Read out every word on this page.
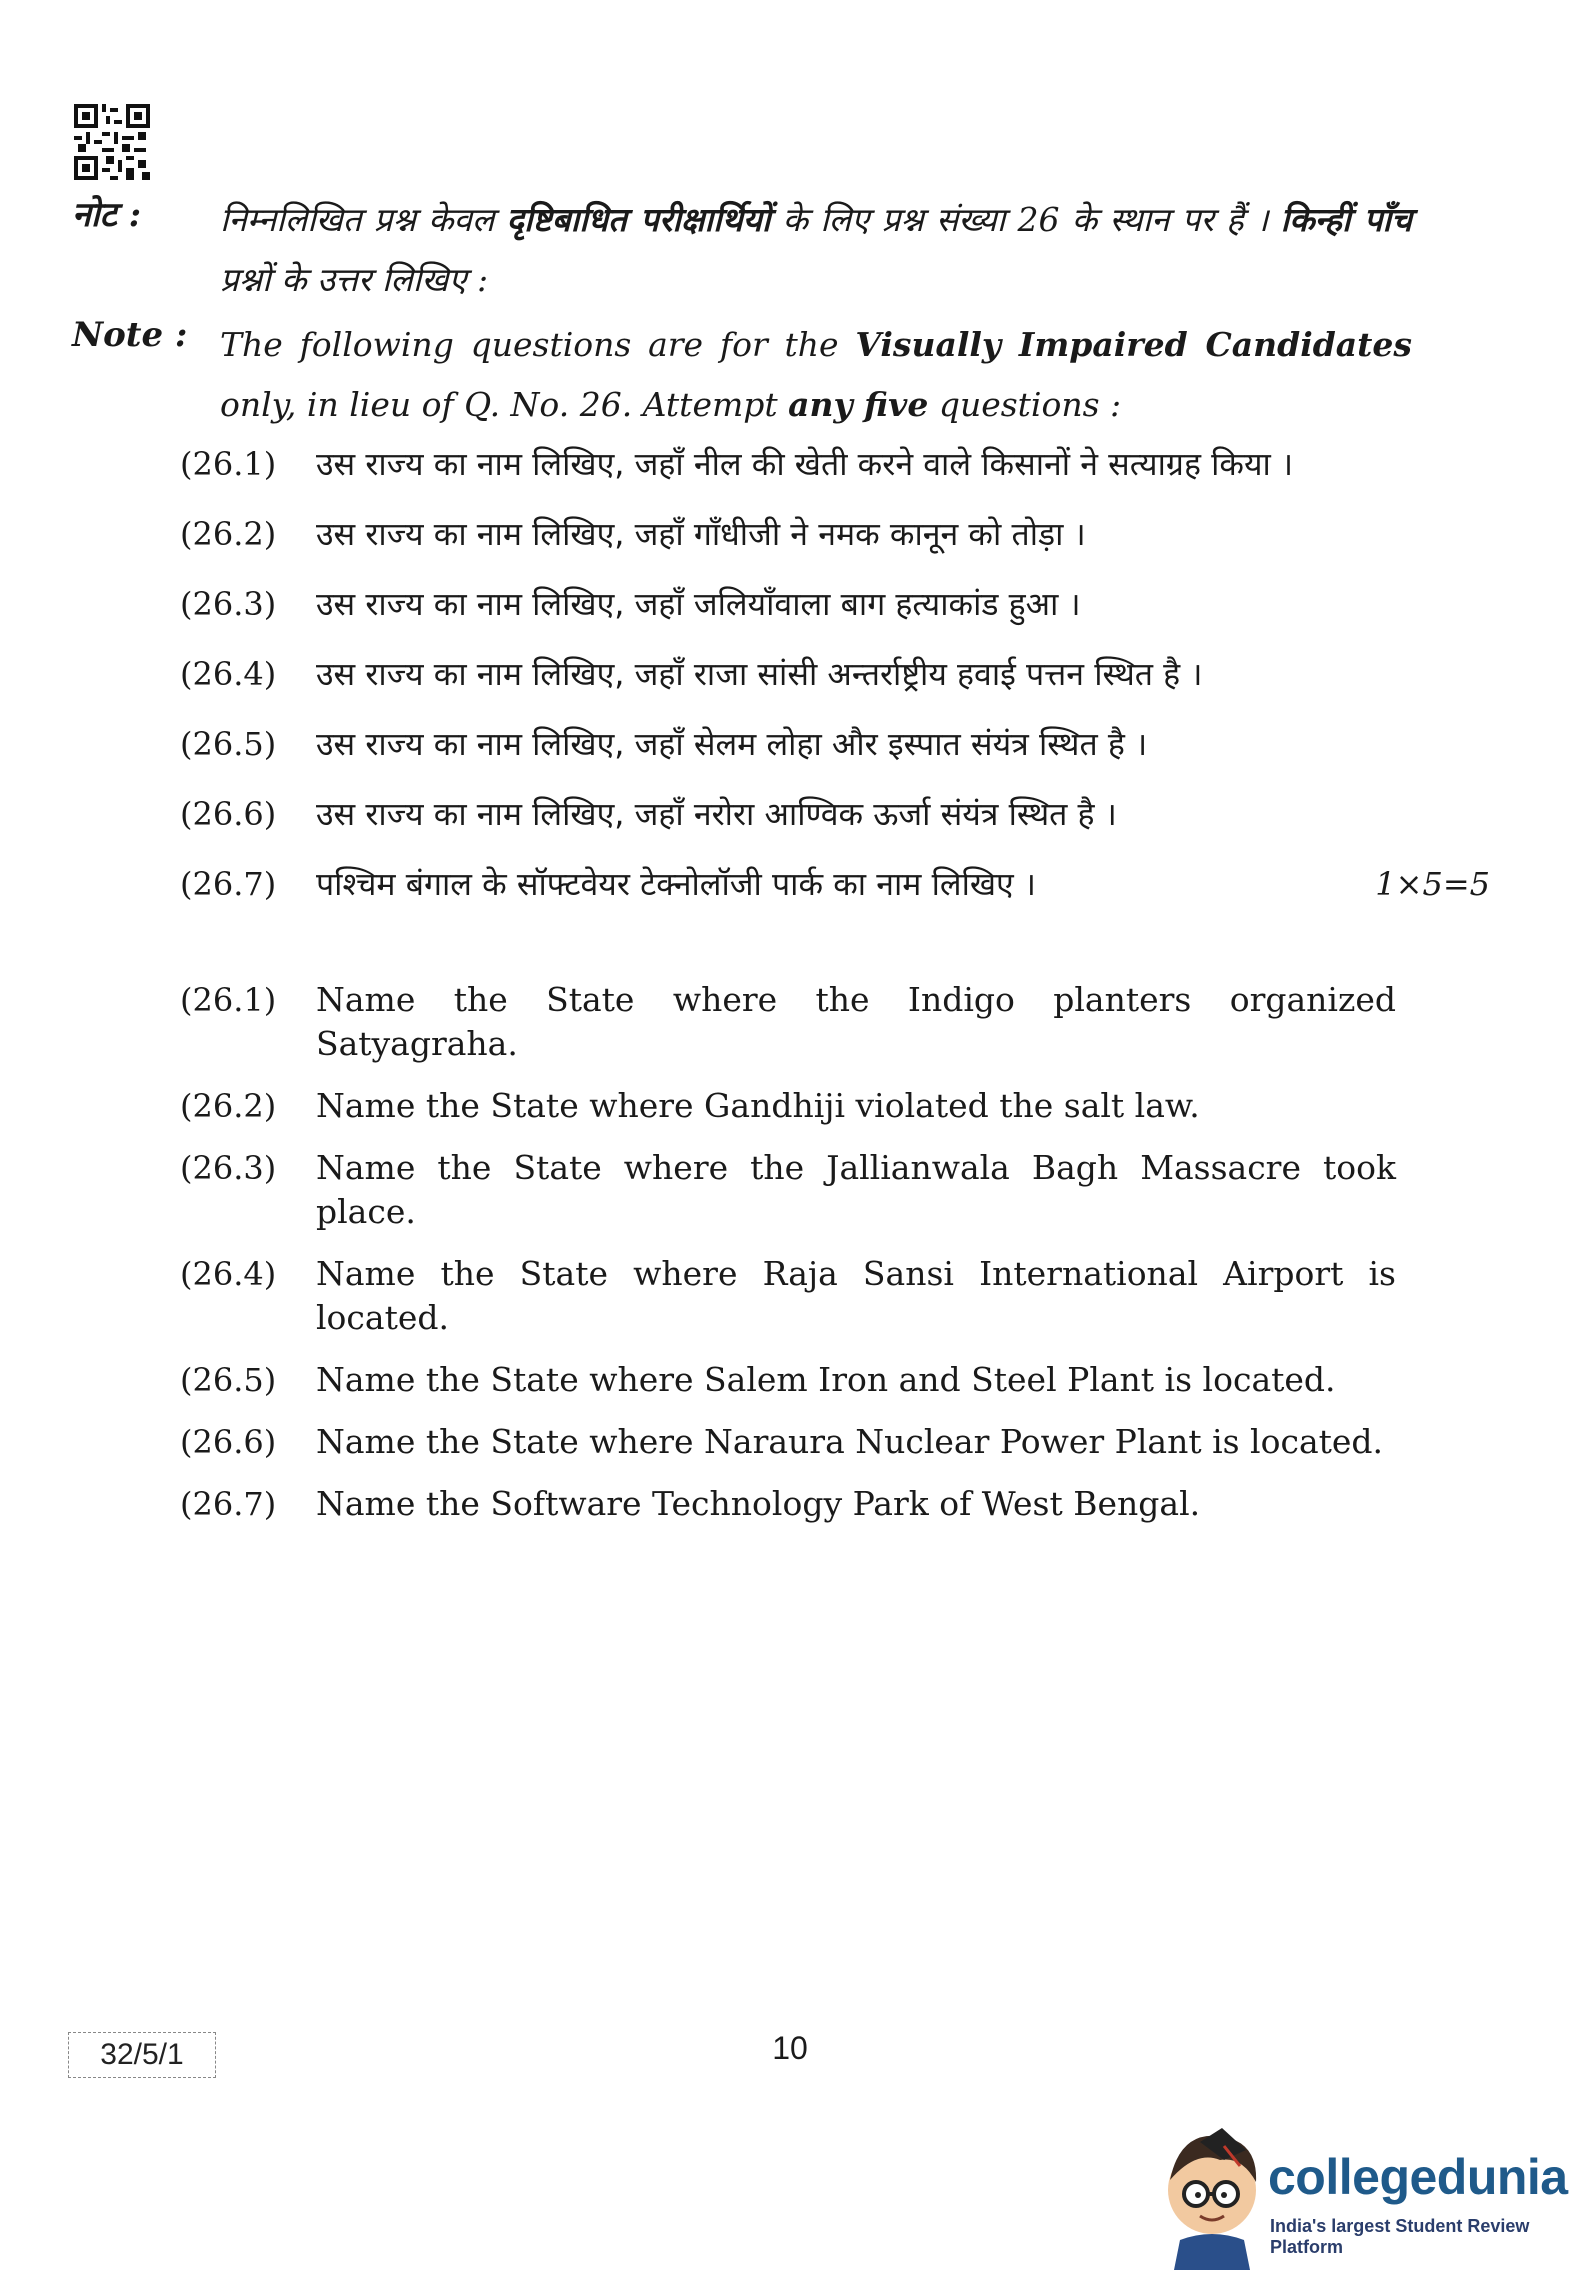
नोट : निम्नलिखित प्रश्न केवल दृष्टिबाधित परीक्षार्थियों के लिए प्रश्न संख्या 26 के स्थान पर हैं । किन्हीं पाँच प्रश्नों के उत्तर लिखिए :
Note : The following questions are for the Visually Impaired Candidates only, in lieu of Q. No. 26. Attempt any five questions :
(26.1)	उस राज्य का नाम लिखिए, जहाँ नील की खेती करने वाले किसानों ने सत्याग्रह किया ।
(26.2)	उस राज्य का नाम लिखिए, जहाँ गाँधीजी ने नमक कानून को तोड़ा ।
(26.3)	उस राज्य का नाम लिखिए, जहाँ जलियाँवाला बाग हत्याकांड हुआ ।
(26.4)	उस राज्य का नाम लिखिए, जहाँ राजा सांसी अन्तर्राष्ट्रीय हवाई पत्तन स्थित है ।
(26.5)	उस राज्य का नाम लिखिए, जहाँ सेलम लोहा और इस्पात संयंत्र स्थित है ।
(26.6)	उस राज्य का नाम लिखिए, जहाँ नरोरा आण्विक ऊर्जा संयंत्र स्थित है ।
(26.7)	पश्चिम बंगाल के सॉफ्टवेयर टेक्नोलॉजी पार्क का नाम लिखिए ।	1×5=5
(26.1)	Name the State where the Indigo planters organized Satyagraha.
(26.2)	Name the State where Gandhiji violated the salt law.
(26.3)	Name the State where the Jallianwala Bagh Massacre took place.
(26.4)	Name the State where Raja Sansi International Airport is located.
(26.5)	Name the State where Salem Iron and Steel Plant is located.
(26.6)	Name the State where Naraura Nuclear Power Plant is located.
(26.7)	Name the Software Technology Park of West Bengal.
32/5/1	10
collegedunia
India's largest Student Review Platform
